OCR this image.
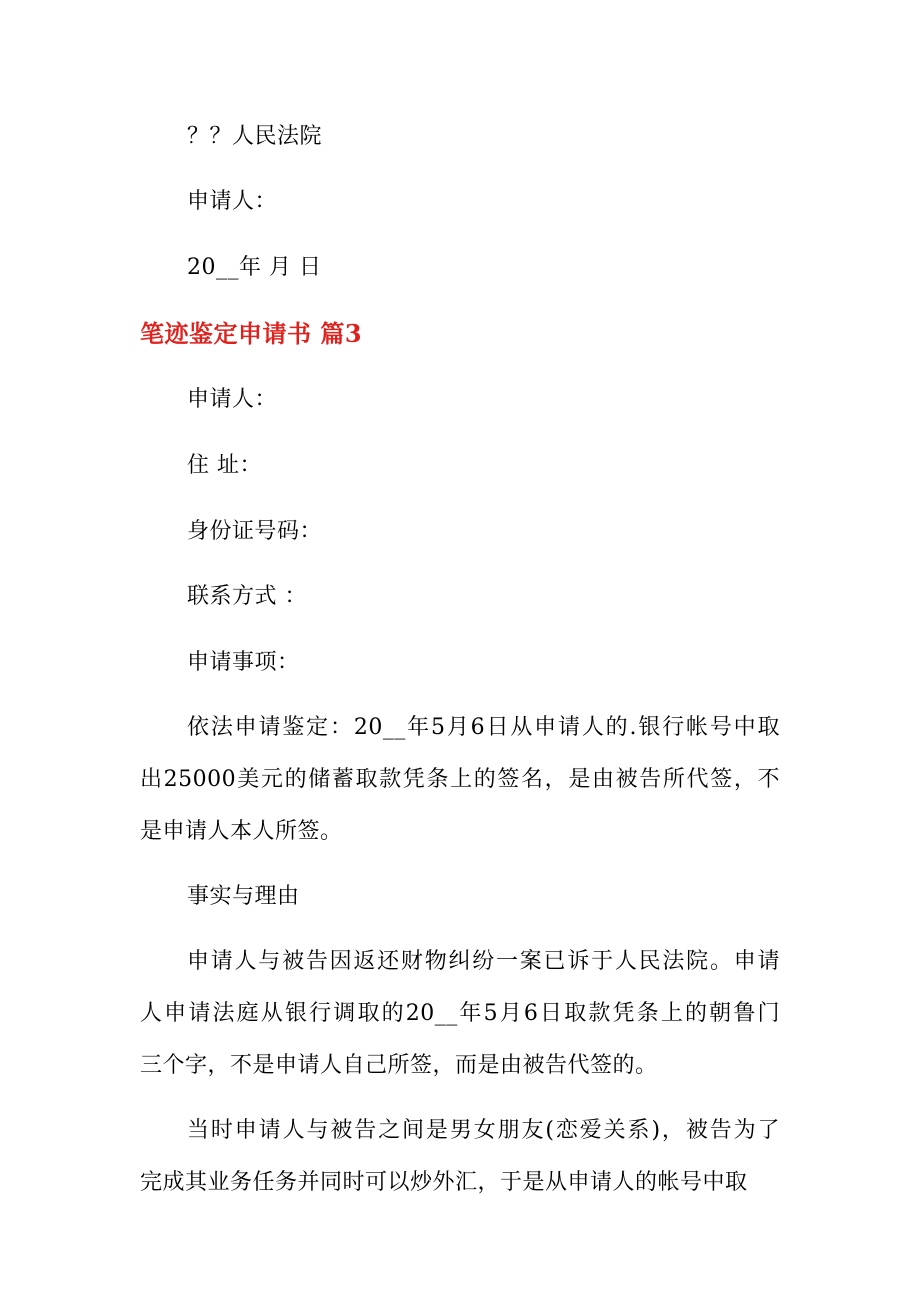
？？人民法院
申请人：
20__年 月 日
笔迹鉴定申请书 篇3
申请人：
住 址：
身份证号码：
联系方式 ：
申请事项：
依法申请鉴定：20__年5月6日从申请人的.银行帐号中取
出25000美元的储蓄取款凭条上的签名，是由被告所代签，不
是申请人本人所签。
事实与理由
申请人与被告因返还财物纠纷一案已诉于人民法院。申请
人申请法庭从银行调取的20__年5月6日取款凭条上的朝鲁门
三个字，不是申请人自己所签，而是由被告代签的。
当时申请人与被告之间是男女朋友(恋爱关系)，被告为了
完成其业务任务并同时可以炒外汇，于是从申请人的帐号中取
